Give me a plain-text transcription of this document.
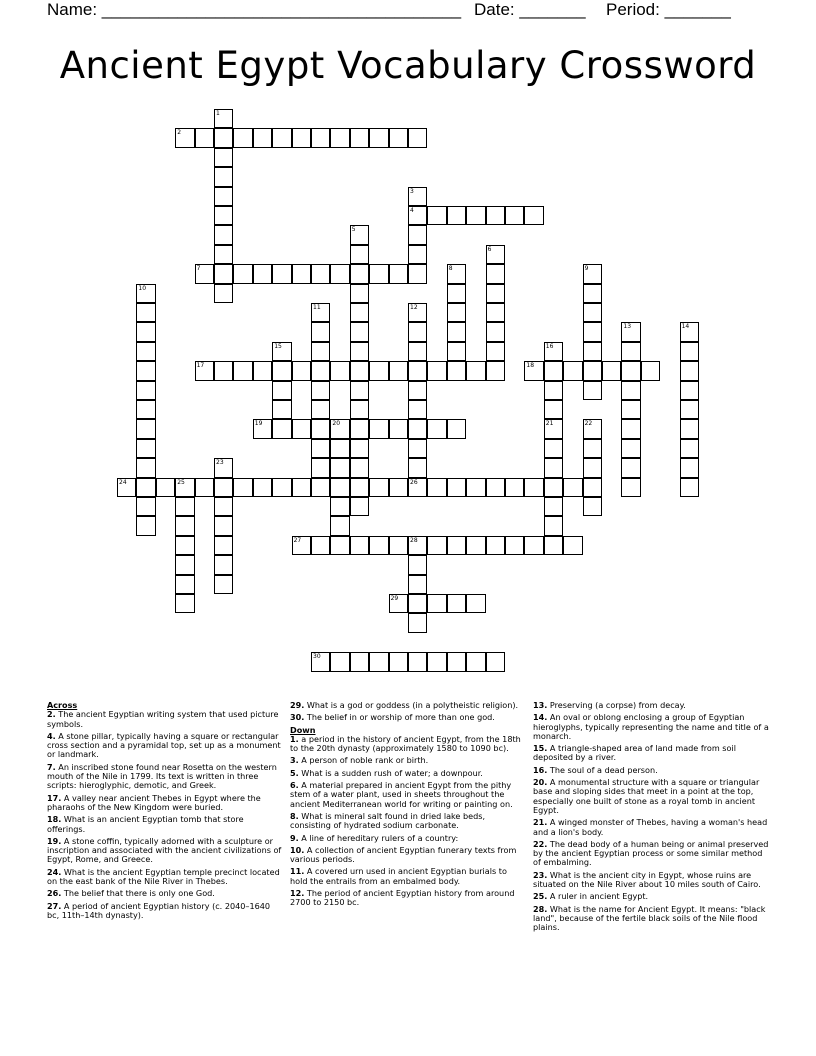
Name: ______________________________________ Date: _______ Period: _______
Ancient Egypt Vocabulary Crossword
1
2
3
4
5
6
7	8	9
10
11	12
26
13	14
15	16
21
17	18
19	20	22
23
24	25
27	28
29
30
Across
2. The ancient Egyptian writing system that used picture symbols.
4. A stone pillar, typically having a square or rectangular cross section and a pyramidal top, set up as a monument or landmark.
7. An inscribed stone found near Rosetta on the western mouth of the Nile in 1799. Its text is written in three scripts: hieroglyphic, demotic, and Greek.
17. A valley near ancient Thebes in Egypt where the pharaohs of the New Kingdom were buried.
18. What is an ancient Egyptian tomb that store offerings.
19. A stone coffin, typically adorned with a sculpture or inscription and associated with the ancient civilizations of Egypt, Rome, and Greece.
24. What is the ancient Egyptian temple precinct located on the east bank of the Nile River in Thebes.
26. The belief that there is only one God.
27. A period of ancient Egyptian history (c. 2040–1640 bc, 11th–14th dynasty).
29. What is a god or goddess (in a polytheistic religion).
30. The belief in or worship of more than one god.
Down
1. a period in the history of ancient Egypt, from the 18th to the 20th dynasty (approximately 1580 to 1090 bc).
3. A person of noble rank or birth.
5. What is a sudden rush of water; a downpour.
6. A material prepared in ancient Egypt from the pithy stem of a water plant, used in sheets throughout the ancient Mediterranean world for writing or painting on.
8. What is mineral salt found in dried lake beds, consisting of hydrated sodium carbonate.
9. A line of hereditary rulers of a country:
10. A collection of ancient Egyptian funerary texts from various periods.
11. A covered urn used in ancient Egyptian burials to hold the entrails from an embalmed body.
12. The period of ancient Egyptian history from around 2700 to 2150 bc.
13. Preserving (a corpse) from decay.
14. An oval or oblong enclosing a group of Egyptian hieroglyphs, typically representing the name and title of a monarch.
15. A triangle-shaped area of land made from soil deposited by a river.
16. The soul of a dead person.
20. A monumental structure with a square or triangular base and sloping sides that meet in a point at the top, especially one built of stone as a royal tomb in ancient Egypt.
21. A winged monster of Thebes, having a woman's head and a lion's body.
22. The dead body of a human being or animal preserved by the ancient Egyptian process or some similar method of embalming.
23. What is the ancient city in Egypt, whose ruins are situated on the Nile River about 10 miles south of Cairo.
25. A ruler in ancient Egypt.
28. What is the name for Ancient Egypt. It means: "black land", because of the fertile black soils of the Nile flood plains.
